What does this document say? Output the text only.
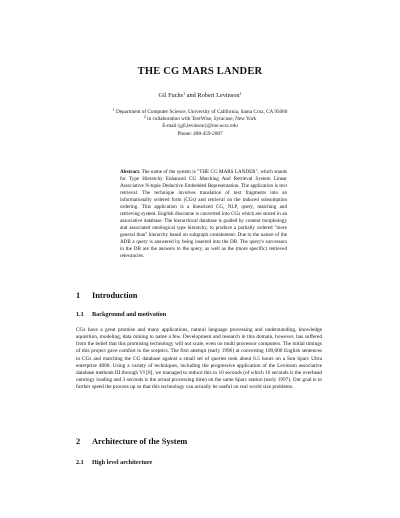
THE CG MARS LANDER
Gil Fuchs$^1$ and Robert Levinson$^1$
$^1$ Department of Computer Science, University of California, Santa Cruz, CA 95060
$^2$ in collaboration with TextWise, Syracuse, New York
E-mail:{gil,levinson}@cse.ucsc.edu
Phone: 408-459-2087
Abstract. The name of the system is "THE CG MARS LANDER", which stands for Type Hierarchy Enhanced CG Matching And Retrieval System Linear Associative N-tuple Deductive Embedded Representation. The application is text retrieval. The technique involves translation of text fragments into an informationally ordered form (CGs) and retrieval on the induced subsumption ordering. This application is a linearized CG, NLP, query, matching and retrieving system. English discourse is converted into CGs which are stored in an associative database. The hierarchical database is guided by content morphology and associated ontological type hierarchy, to produce a partially ordered "more general than" hierarchy based on subgraph containment. Due to the nature of the ADB a query is answered by being inserted into the DB. The query's successors in the DB are the answers to the query, as well as the (more specific) retrieved relevancies.
1 Introduction
1.1 Background and motivation
CGs have a great promise and many applications, natural language processing and understanding, knowledge aquisition, modeling, data mining to name a few. Development and research in this domain, however, has suffered from the belief that this promising technology will not scale, even on multi processor computers. The initial timings of this project gave comfort to the sceptics. The first attempt (early 1996) at converting 100,000 English sentences to CGs and matching the CG database against a small set of queries took about 6.5 hours on a Sun Sparc Ultra enterprise 4000. Using a variety of techniques, including the progressive application of the Levinson associative database methods III through VI [8], we managed to reduce this to 10 seconds (of which 16 seconds is the overhead ontology loading and 3 seconds is the actual processing time) on the same Sparc station (early 1997). Our goal is to further speed the process up so that this technology can actually be useful on real world size problems.
2 Architecture of the System
2.1 High level architecture
